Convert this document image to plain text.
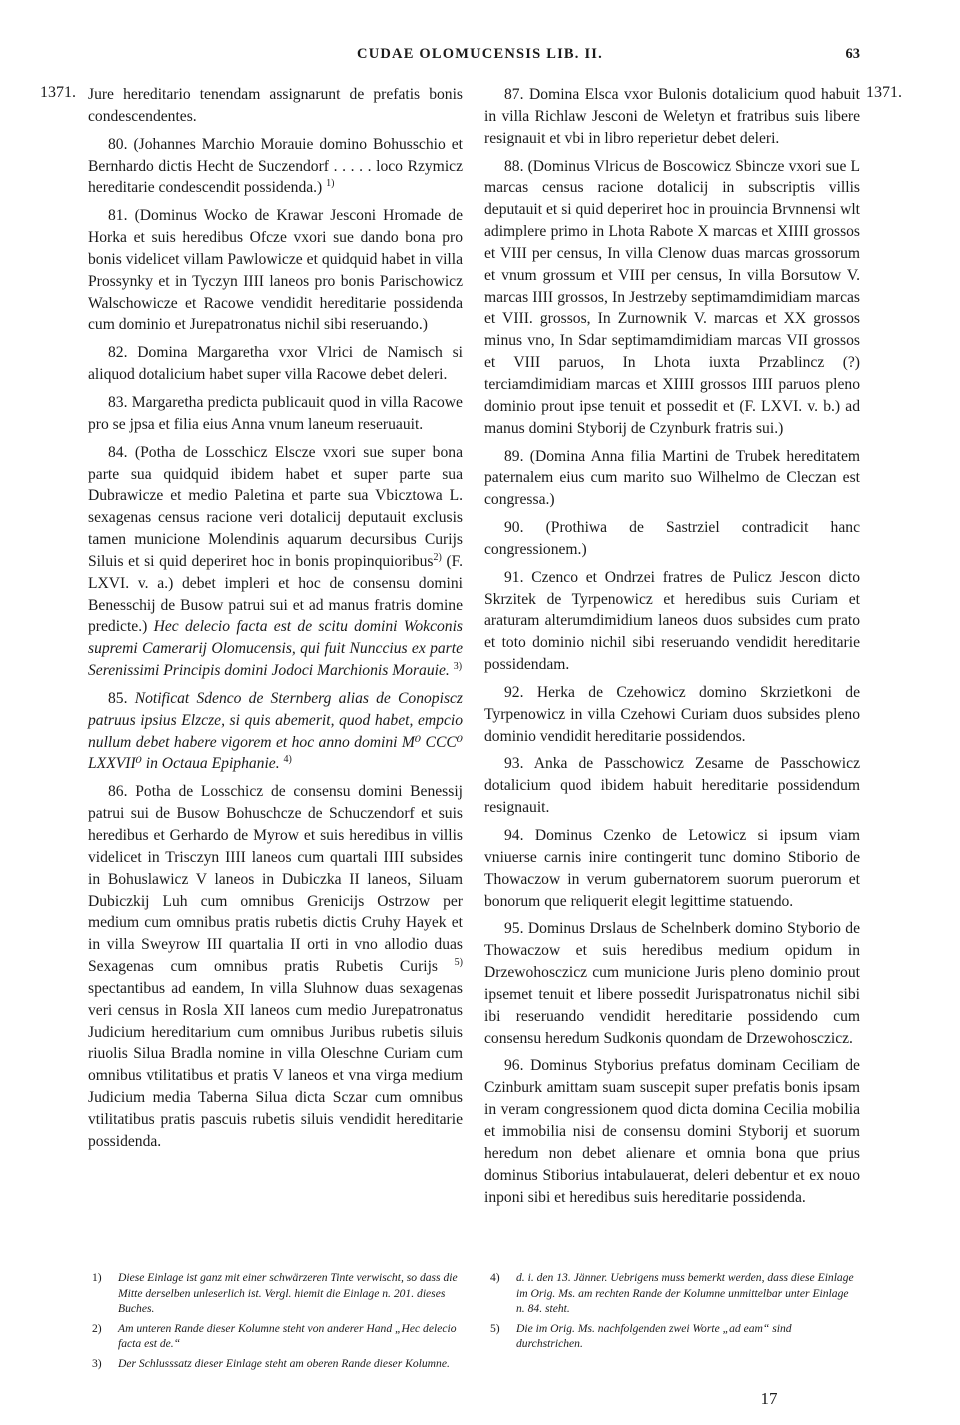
CUDAE OLOMUCENSIS LIB. II.	63
1371.	1371.

Jure hereditario tenendam assignarunt de prefatis bonis condescendentes.

80. (Johannes Marchio Morauie domino Bohusschio et Bernhardo dictis Hecht de Suczendorf . . . . . loco Rzymicz hereditarie condescendit possidenda.) $^{1)}$

81. (Dominus Wocko de Krawar Jesconi Hromade de Horka et suis heredibus Ofcze vxori sue dando bona pro bonis videlicet villam Pawlowicze et quidquid habet in villa Prossynky et in Tyczyn IIII laneos pro bonis Parischowicz Walschowicze et Racowe vendidit hereditarie possidenda cum dominio et Jurepatronatus nichil sibi reseruando.)

82. Domina Margaretha vxor Vlrici de Namisch si aliquod dotalicium habet super villa Racowe debet deleri.

83. Margaretha predicta publicauit quod in villa Racowe pro se jpsa et filia eius Anna vnum laneum reseruauit.

84. (Potha de Losschicz Elscze vxori sue super bona parte sua quidquid ibidem habet et super parte sua Dubrawicze et medio Paletina et parte sua Vbicztowa L. sexagenas census racione veri dotalicij deputauit exclusis tamen municione Molendinis aquarum decursibus Curijs Siluis et si quid deperiret hoc in bonis propinquioribus$^{2)}$ (F. LXVI. v. a.) debet impleri et hoc de consensu domini Benesschij de Busow patrui sui et ad manus fratris domine predicte.) Hec delecio facta est de scitu domini Wokconis supremi Camerarij Olomucensis, qui fuit Nunccius ex parte Serenissimi Principis domini Jodoci Marchionis Morauie. $^{3)}$

85. Notificat Sdenco de Sternberg alias de Conopiscz patruus ipsius Elzcze, si quis abemerit, quod habet, empcio nullum debet habere vigorem et hoc anno domini M⁰ CCC⁰ LXXVII⁰ in Octaua Epiphanie. $^{4)}$

86. Potha de Losschicz de consensu domini Benessij patrui sui de Busow Bohuschcze de Schuczendorf et suis heredibus et Gerhardo de Myrow et suis heredibus in villis videlicet in Trisczyn IIII laneos cum quartali IIII subsides in Bohuslawicz V laneos in Dubiczka II laneos, Siluam Dubiczkij Luh cum omnibus Grenicijs Ostrzow per medium cum omnibus pratis rubetis dictis Cruhy Hayek et in villa Sweyrow III quartalia II orti in vno allodio duas Sexagenas cum omnibus pratis Rubetis Curijs $^{5)}$ spectantibus ad eandem, In villa Sluhnow duas sexagenas veri census in Rosla XII laneos cum medio Jurepatronatus Judicium hereditarium cum omnibus Juribus rubetis siluis riuolis Silua Bradla nomine in villa Oleschne Curiam cum omnibus vtilitatibus et pratis V laneos et vna virga medium Judicium media Taberna Silua dicta Sczar cum omnibus vtilitatibus pratis pascuis rubetis siluis vendidit hereditarie possidenda.

87. Domina Elsca vxor Bulonis dotalicium quod habuit in villa Richlaw Jesconi de Weletyn et fratribus suis libere resignauit et vbi in libro reperietur debet deleri.

88. (Dominus Vlricus de Boscowicz Sbincze vxori sue L marcas census racione dotalicij in subscriptis villis deputauit et si quid deperiret hoc in prouincia Brvnnensi wlt adimplere primo in Lhota Rabote X marcas et XIIII grossos et VIII per census, In villa Clenow duas marcas grossorum et vnum grossum et VIII per census, In villa Borsutow V. marcas IIII grossos, In Jestrzeby septimamdimidiam marcas et VIII. grossos, In Zurnownik V. marcas et XX grossos minus vno, In Sdar septimamdimidiam marcas VII grossos et VIII paruos, In Lhota iuxta Przablincz (?) terciamdimidiam marcas et XIIII grossos IIII paruos pleno dominio prout ipse tenuit et possedit et (F. LXVI. v. b.) ad manus domini Styborij de Czynburk fratris sui.)

89. (Domina Anna filia Martini de Trubek hereditatem paternalem eius cum marito suo Wilhelmo de Cleczan est congressa.)

90. (Prothiwa de Sastrziel contradicit hanc congressionem.)

91. Czenco et Ondrzei fratres de Pulicz Jescon dicto Skrzitek de Tyrpenowicz et heredibus suis Curiam et araturam alterumdimidium laneos duos subsides cum prato et toto dominio nichil sibi reseruando vendidit hereditarie possidendam.

92. Herka de Czehowicz domino Skrzietkoni de Tyrpenowicz in villa Czehowi Curiam duos subsides pleno dominio vendidit hereditarie possidendos.

93. Anka de Passchowicz Zesame de Passchowicz dotalicium quod ibidem habuit hereditarie possidendum resignauit.

94. Dominus Czenko de Letowicz si ipsum viam vniuerse carnis inire contingerit tunc domino Stiborio de Thowaczow in verum gubernatorem suorum puerorum et bonorum que reliquerit elegit legittime statuendo.

95. Dominus Drslaus de Schelnberk domino Styborio de Thowaczow et suis heredibus medium opidum in Drzewohosczicz cum municione Juris pleno dominio prout ipsemet tenuit et libere possedit Jurispatronatus nichil sibi ibi reseruando vendidit hereditarie possidendo cum consensu heredum Sudkonis quondam de Drzewohosczicz.

96. Dominus Styborius prefatus dominam Ceciliam de Czinburk amittam suam suscepit super prefatis bonis ipsam in veram congressionem quod dicta domina Cecilia mobilia et immobilia nisi de consensu domini Styborij et suorum heredum non debet alienare et omnia bona que prius dominus Stiborius intabulauerat, deleri debentur et ex nouo inponi sibi et heredibus suis hereditarie possidenda.

1) Diese Einlage ist ganz mit einer schwärzeren Tinte verwischt, so dass die Mitte derselben unleserlich ist. Vergl. hiemit die Einlage n. 201. dieses Buches.
2) Am unteren Rande dieser Kolumne steht von anderer Hand „Hec delecio facta est de.“
3) Der Schlusssatz dieser Einlage steht am oberen Rande dieser Kolumne.
4) d. i. den 13. Jänner. Uebrigens muss bemerkt werden, dass diese Einlage im Orig. Ms. am rechten Rande der Kolumne unmittelbar unter Einlage n. 84. steht.
5) Die im Orig. Ms. nachfolgenden zwei Worte „ad eam“ sind durchstrichen.
17
